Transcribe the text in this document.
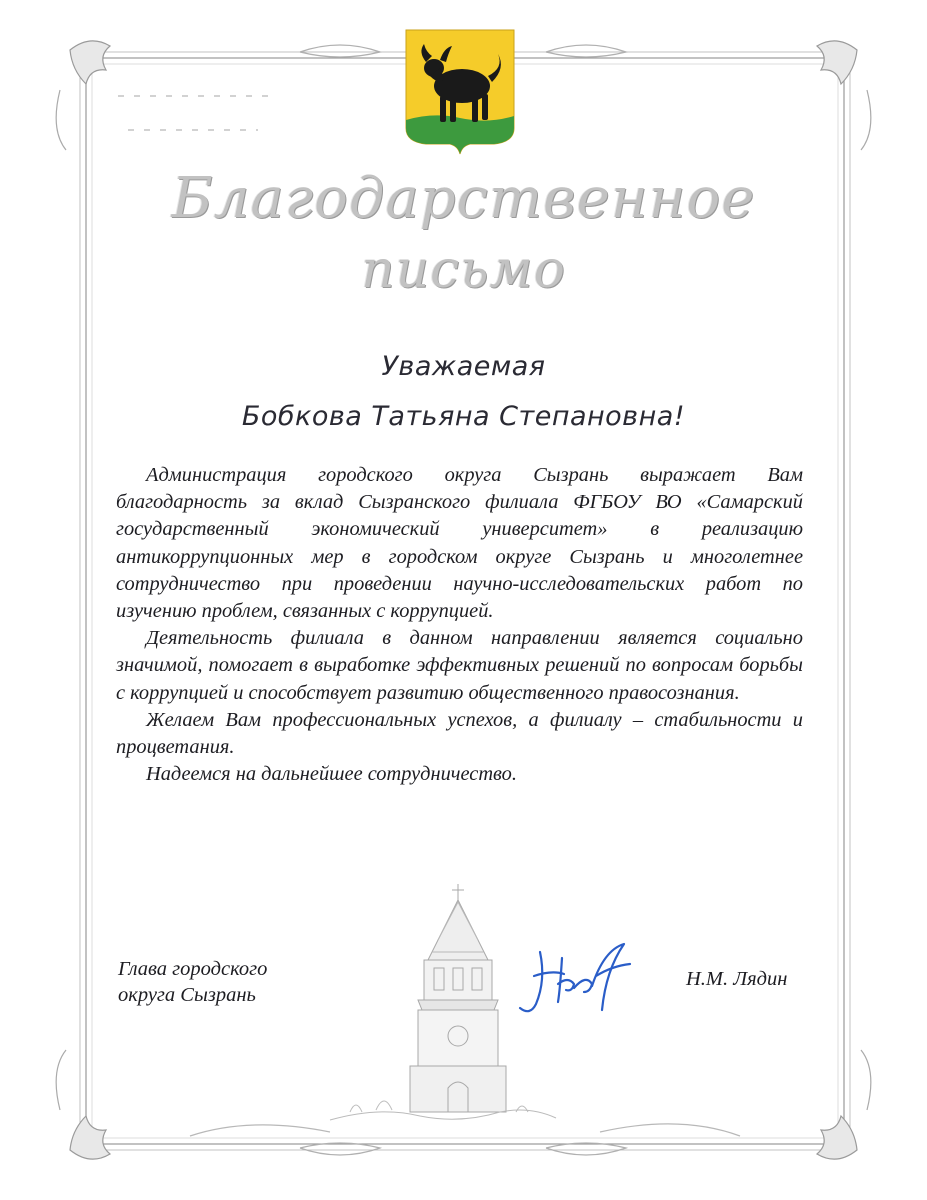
Благодарственное
письмо
Уважаемая
Бобкова Татьяна Степановна!

Администрация городского округа Сызрань выражает Вам благодарность за вклад Сызранского филиала ФГБОУ ВО «Самарский государственный экономический университет» в реализацию антикоррупционных мер в городском округе Сызрань и многолетнее сотрудничество при проведении научно-исследовательских работ по изучению проблем, связанных с коррупцией.

Деятельность филиала в данном направлении является социально значимой, помогает в выработке эффективных решений по вопросам борьбы с коррупцией и способствует развитию общественного правосознания.

Желаем Вам профессиональных успехов, а филиалу – стабильности и процветания.

Надеемся на дальнейшее сотрудничество.

Глава городского
округа Сызрань
Н.М. Лядин
